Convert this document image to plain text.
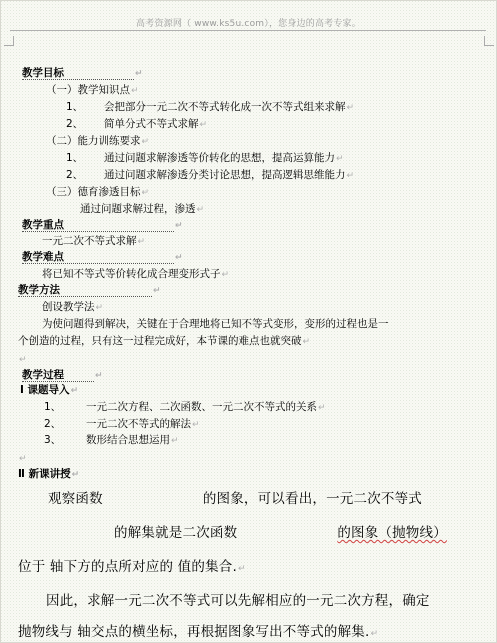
高考资源网（ www.ks5u.com），您身边的高考专家。
教学目标	↵
（一）教学知识点↵
1、 会把部分一元二次不等式转化成一次不等式组来求解↵
2、 简单分式不等式求解↵
（二）能力训练要求↵
1、 通过问题求解渗透等价转化的思想，提高运算能力↵
2、 通过问题求解渗透分类讨论思想，提高逻辑思维能力↵
（三）德育渗透目标↵
通过问题求解过程，渗透↵
教学重点	↵
一元二次不等式求解↵
教学难点	↵
将已知不等式等价转化成合理变形式子↵
教学方法	↵
创设教学法↵
为使问题得到解决，关键在于合理地将已知不等式变形，变形的过程也是一
个创造的过程，只有这一过程完成好，本节课的难点也就突破↵
↵
教学过程	↵
Ⅰ 课题导入↵
1、 一元二次方程、二次函数、一元二次不等式的关系↵
2、 一元二次不等式的解法↵
3、 数形结合思想运用↵
↵
Ⅱ 新课讲授↵
观察函数	的图象，可以看出，一元二次不等式
的解集就是二次函数	的图象（抛物线）
位于 轴下方的点所对应的 值的集合.↵
因此，求解一元二次不等式可以先解相应的一元二次方程，确定
抛物线与 轴交点的横坐标，再根据图象写出不等式的解集.↵
